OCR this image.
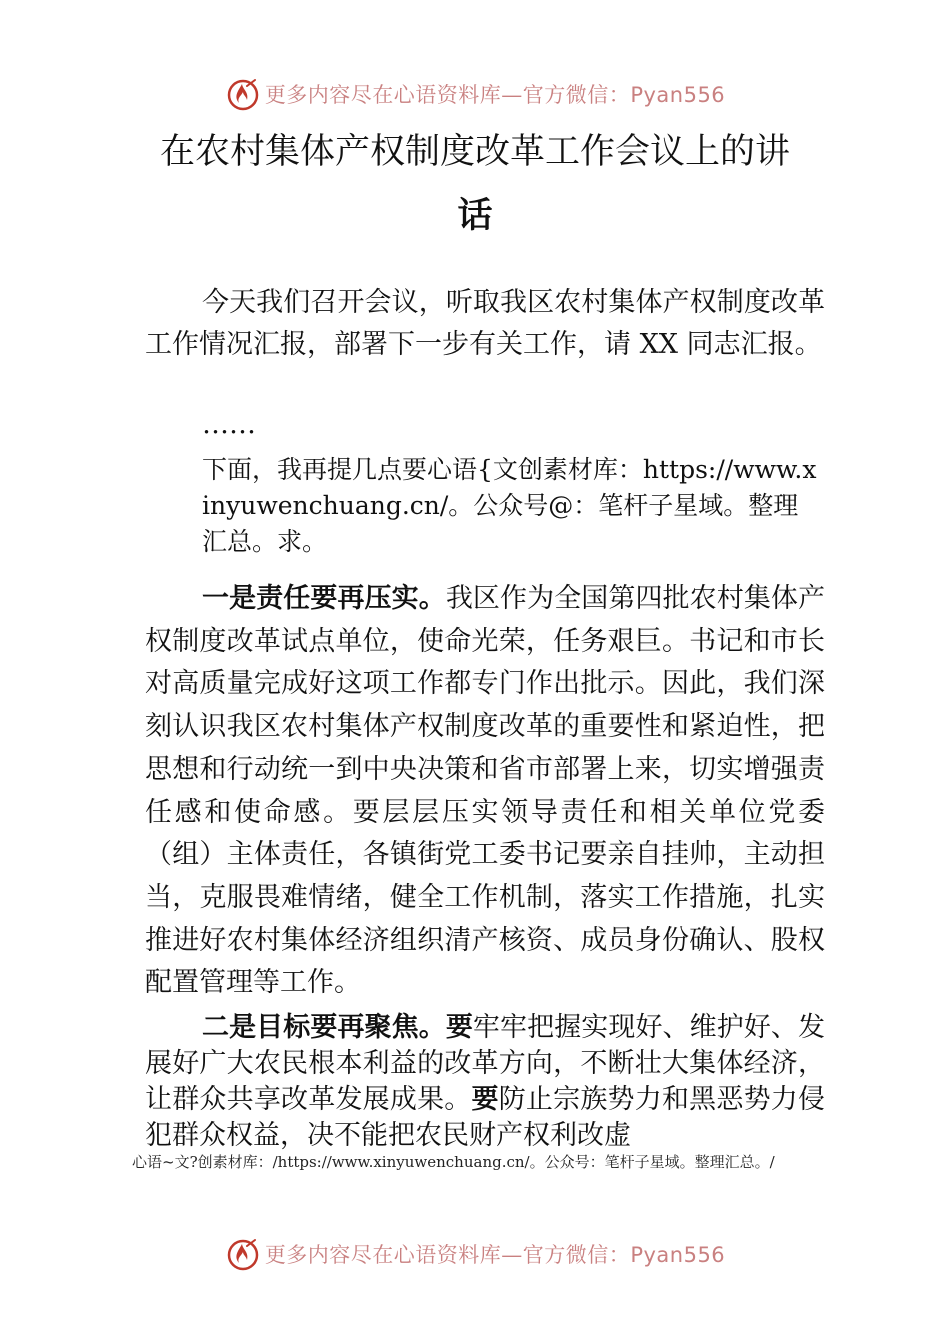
更多内容尽在心语资料库—官方微信：Pyan556
在农村集体产权制度改革工作会议上的讲
话

今天我们召开会议，听取我区农村集体产权制度改革工作情况汇报，部署下一步有关工作，请 XX 同志汇报。

……

下面，我再提几点要心语{文创素材库：https://www.xinyuwenchuang.cn/。公众号@：笔杆子星域。整理汇总。求。

一是责任要再压实。我区作为全国第四批农村集体产权制度改革试点单位，使命光荣，任务艰巨。书记和市长对高质量完成好这项工作都专门作出批示。因此，我们深刻认识我区农村集体产权制度改革的重要性和紧迫性，把思想和行动统一到中央决策和省市部署上来，切实增强责任感和使命感。要层层压实领导责任和相关单位党委（组）主体责任，各镇街党工委书记要亲自挂帅，主动担当，克服畏难情绪，健全工作机制，落实工作措施，扎实推进好农村集体经济组织清产核资、成员身份确认、股权配置管理等工作。

二是目标要再聚焦。要牢牢把握实现好、维护好、发展好广大农民根本利益的改革方向，不断壮大集体经济，让群众共享改革发展成果。要防止宗族势力和黑恶势力侵犯群众权益，决不能把农民财产权利改虚

心语~文?创素材库：/https://www.xinyuwenchuang.cn/。公众号：笔杆子星域。整理汇总。/

更多内容尽在心语资料库—官方微信：Pyan556
